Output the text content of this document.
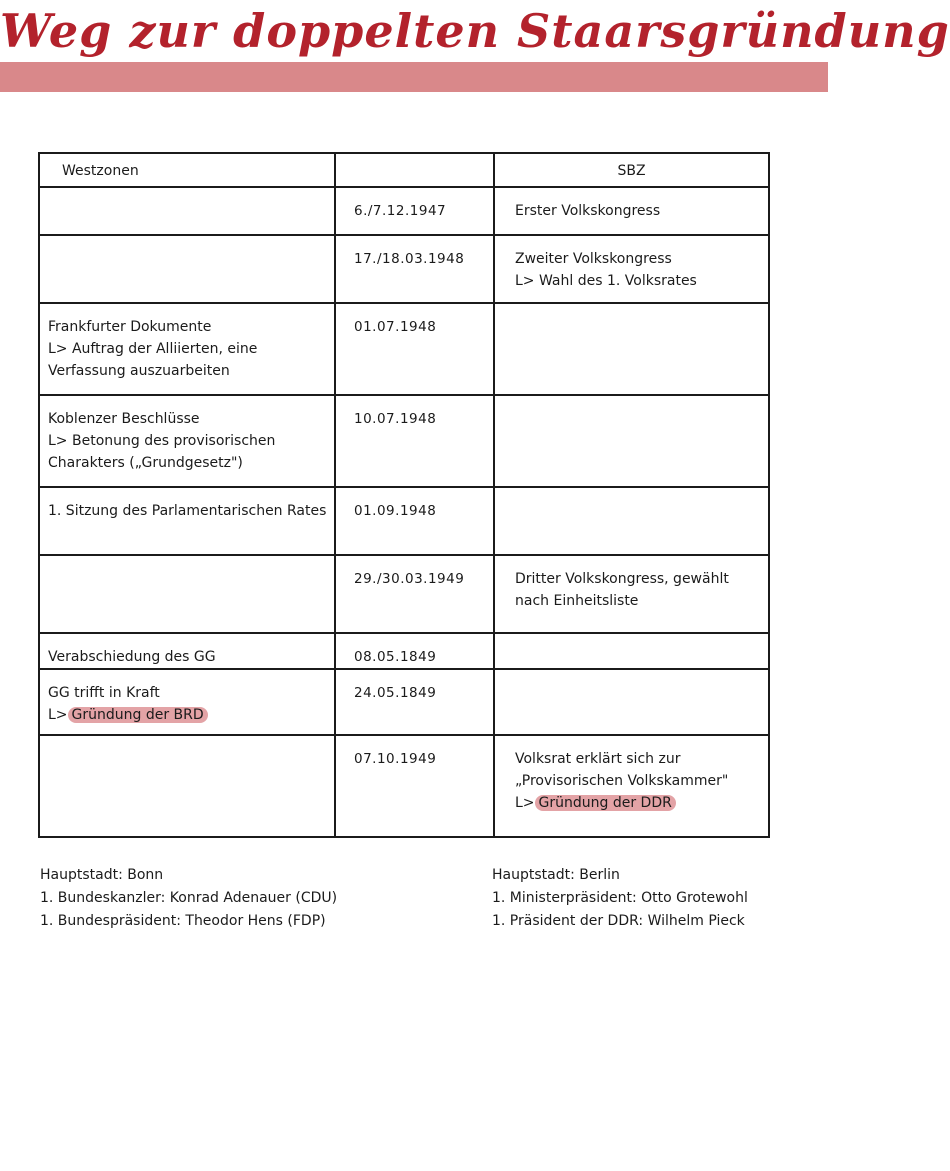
Weg zur doppelten Staarsgründung
Westzonen		SBZ
	6./7.12.1947	Erster Volkskongress

	17./18.03.1948	Zweiter Volkskongress
L> Wahl des 1. Volksrates

Frankfurter Dokumente
L> Auftrag der Alliierten, eine Verfassung auszuarbeiten	01.07.1948	

Koblenzer Beschlüsse
L> Betonung des provisorischen Charakters („Grundgesetz")	10.07.1948	

1. Sitzung des Parlamentarischen Rates	01.09.1948	
	29./30.03.1949	Dritter Volkskongress, gewählt
nach Einheitsliste

Verabschiedung des GG	08.05.1849	

GG trifft in Kraft
L> Gründung der BRD	24.05.1849	
	07.10.1949	Volksrat erklärt sich zur
„Provisorischen Volkskammer"
L> Gründung der DDR
Hauptstadt: Bonn
1. Bundeskanzler: Konrad Adenauer (CDU)
1. Bundespräsident: Theodor Hens (FDP)
Hauptstadt: Berlin
1. Ministerpräsident: Otto Grotewohl
1. Präsident der DDR: Wilhelm Pieck
